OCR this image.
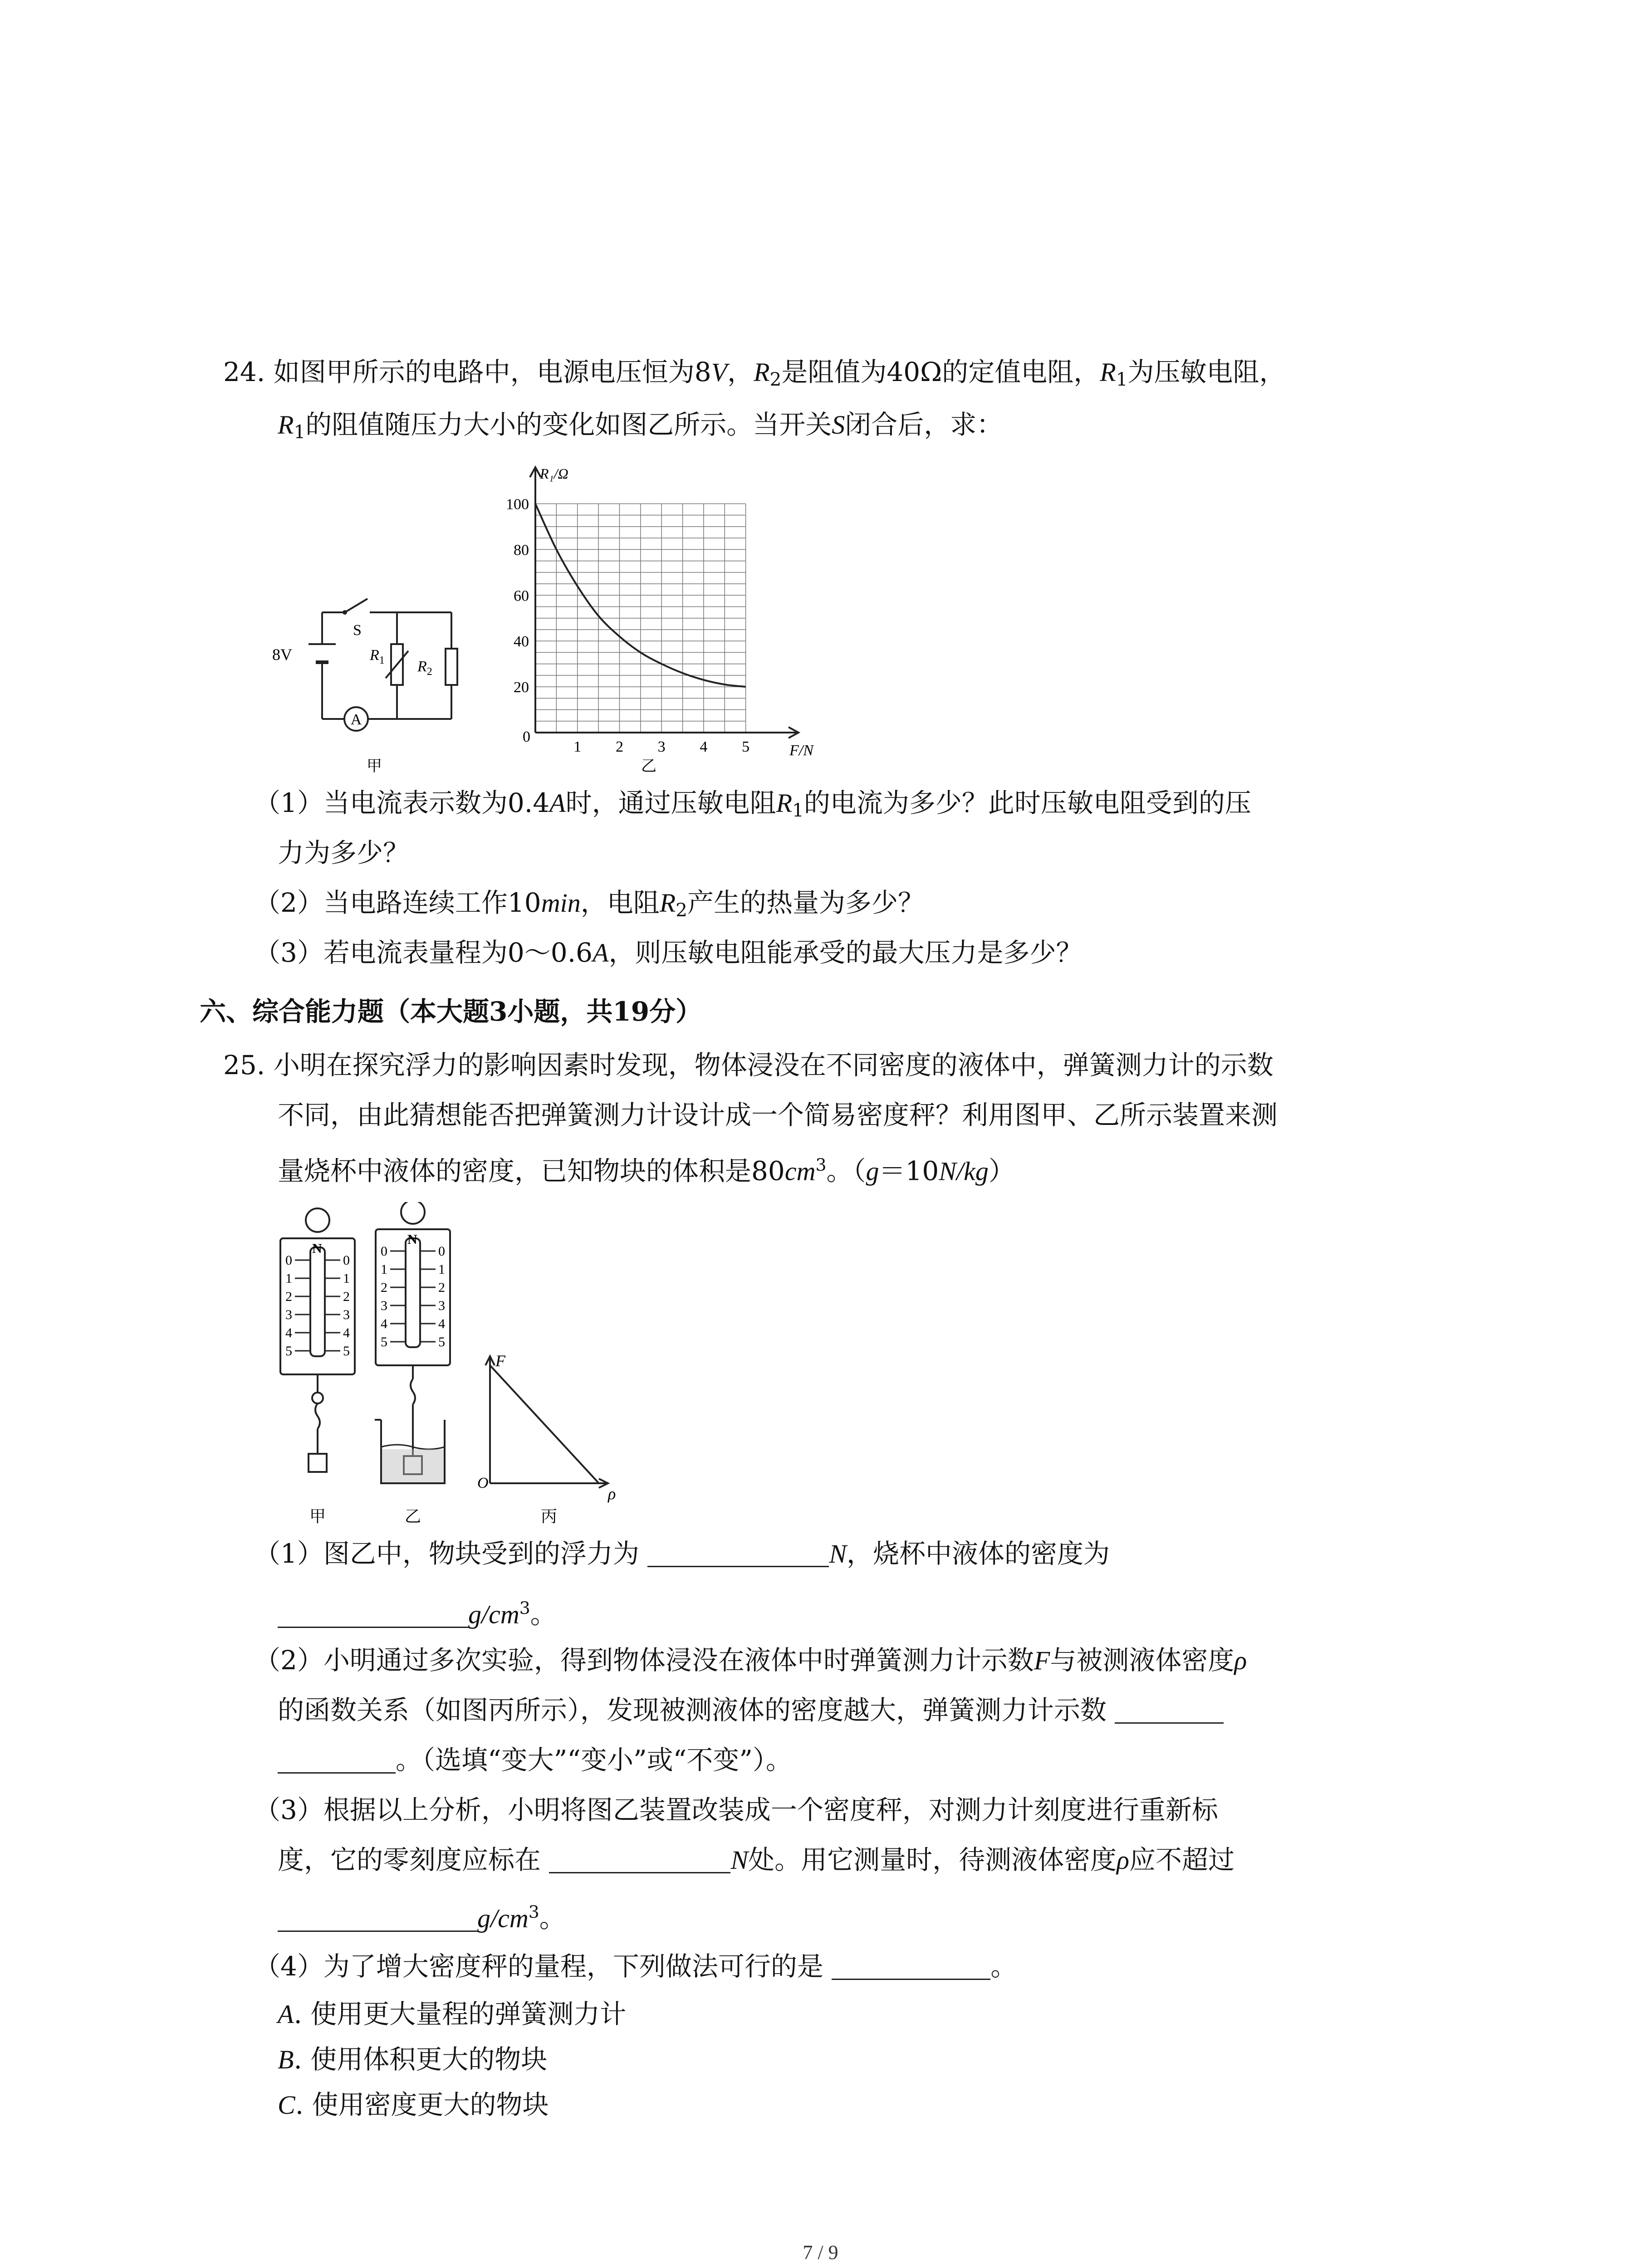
24. 如图甲所示的电路中，电源电压恒为8V，$R_2$是阻值为40Ω的定值电阻，$R_1$为压敏电阻，
$R_1$的阻值随压力大小的变化如图乙所示。当开关S闭合后，求：
A
S
8V	$R_1$ $R_2$
甲
1 2 3 4 5
20
40
60
80
100
R₁/Ω
F/N
0
乙
（1）当电流表示数为0.4A时，通过压敏电阻$R_1$的电流为多少？此时压敏电阻受到的压
力为多少？
（2）当电路连续工作10min，电阻$R_2$产生的热量为多少？
（3）若电流表量程为0～0.6A，则压敏电阻能承受的最大压力是多少？
六、综合能力题（本大题3小题，共19分）
25. 小明在探究浮力的影响因素时发现，物体浸没在不同密度的液体中，弹簧测力计的示数
不同，由此猜想能否把弹簧测力计设计成一个简易密度秤？利用图甲、乙所示装置来测
量烧杯中液体的密度，已知物块的体积是$80cm^3$。（g＝10N/kg）
0	0
1	1
2	2
3	3
4	4
5	5
N	0	0
1	1
2	2
3	3
4	4
5	5
N
F
O
ρ
甲	乙	丙
（1）图乙中，物块受到的浮力为	N，烧杯中液体的密度为
$g/cm^3$。
（2）小明通过多次实验，得到物体浸没在液体中时弹簧测力计示数F与被测液体密度ρ
的函数关系（如图丙所示），发现被测液体的密度越大，弹簧测力计示数
。（选填“变大”“变小”或“不变”）。
（3）根据以上分析，小明将图乙装置改装成一个密度秤，对测力计刻度进行重新标
度，它的零刻度应标在	N处。用它测量时，待测液体密度ρ应不超过
$g/cm^3$。
（4）为了增大密度秤的量程，下列做法可行的是	。
A. 使用更大量程的弹簧测力计
B. 使用体积更大的物块
C. 使用密度更大的物块
7 / 9
